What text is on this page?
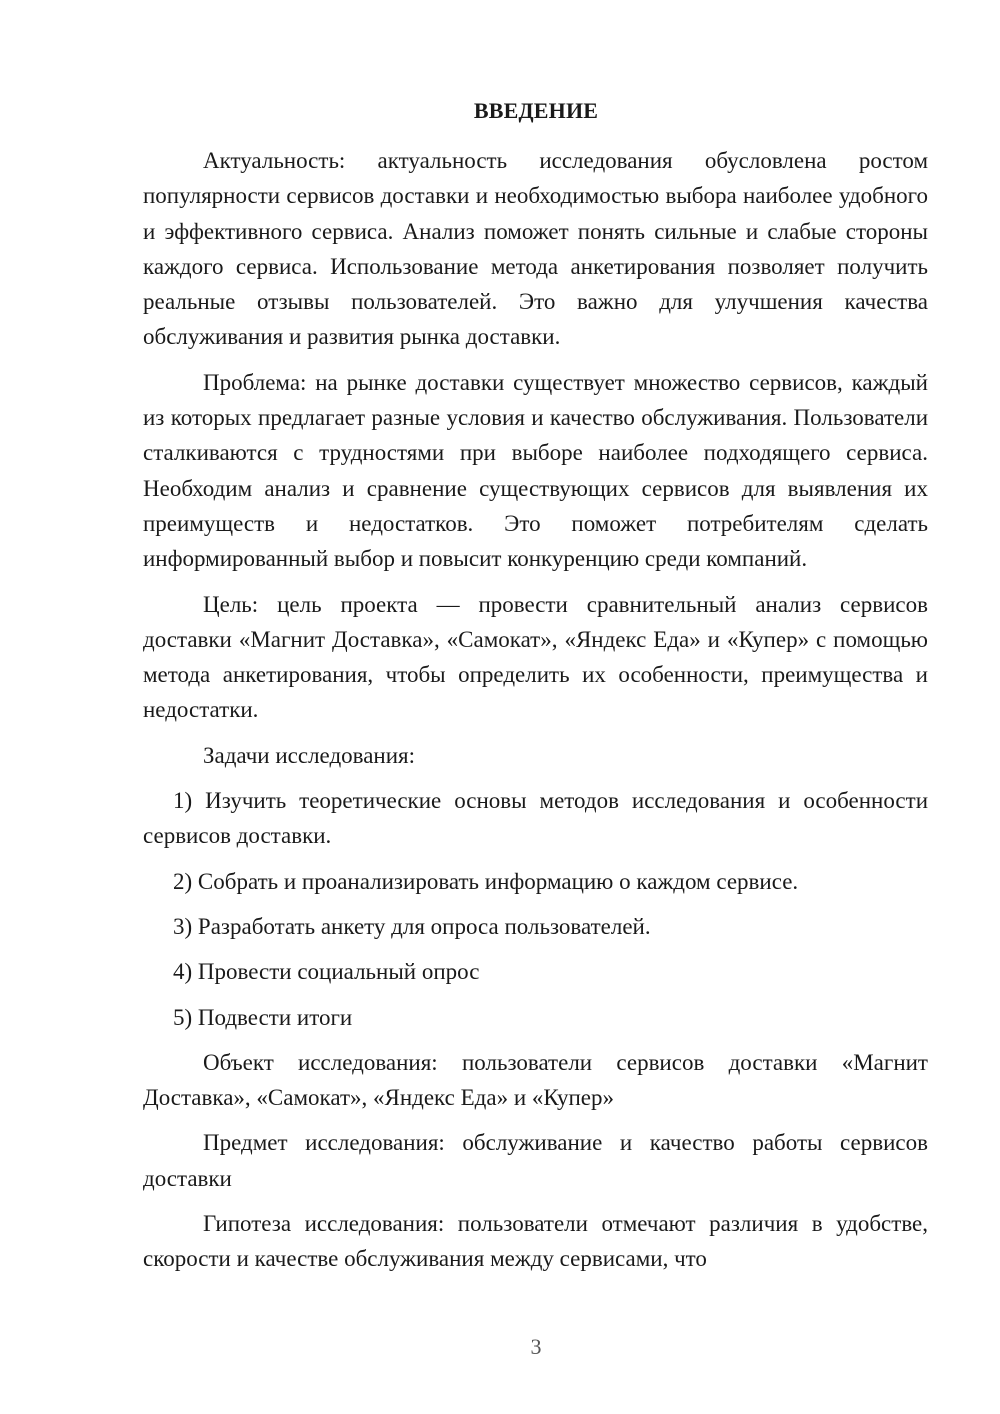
ВВЕДЕНИЕ

Актуальность: актуальность исследования обусловлена ростом популярности сервисов доставки и необходимостью выбора наиболее удобного и эффективного сервиса. Анализ поможет понять сильные и слабые стороны каждого сервиса. Использование метода анкетирования позволяет получить реальные отзывы пользователей. Это важно для улучшения качества обслуживания и развития рынка доставки.

Проблема: на рынке доставки существует множество сервисов, каждый из которых предлагает разные условия и качество обслуживания. Пользователи сталкиваются с трудностями при выборе наиболее подходящего сервиса. Необходим анализ и сравнение существующих сервисов для выявления их преимуществ и недостатков. Это поможет потребителям сделать информированный выбор и повысит конкуренцию среди компаний.

Цель: цель проекта — провести сравнительный анализ сервисов доставки «Магнит Доставка», «Самокат», «Яндекс Еда» и «Купер» с помощью метода анкетирования, чтобы определить их особенности, преимущества и недостатки.

Задачи исследования:

1) Изучить теоретические основы методов исследования и особенности сервисов доставки.

2) Собрать и проанализировать информацию о каждом сервисе.

3) Разработать анкету для опроса пользователей.

4) Провести социальный опрос

5) Подвести итоги

Объект исследования: пользователи сервисов доставки «Магнит Доставка», «Самокат», «Яндекс Еда» и «Купер»

Предмет исследования: обслуживание и качество работы сервисов доставки

Гипотеза исследования: пользователи отмечают различия в удобстве, скорости и качестве обслуживания между сервисами, что

3
